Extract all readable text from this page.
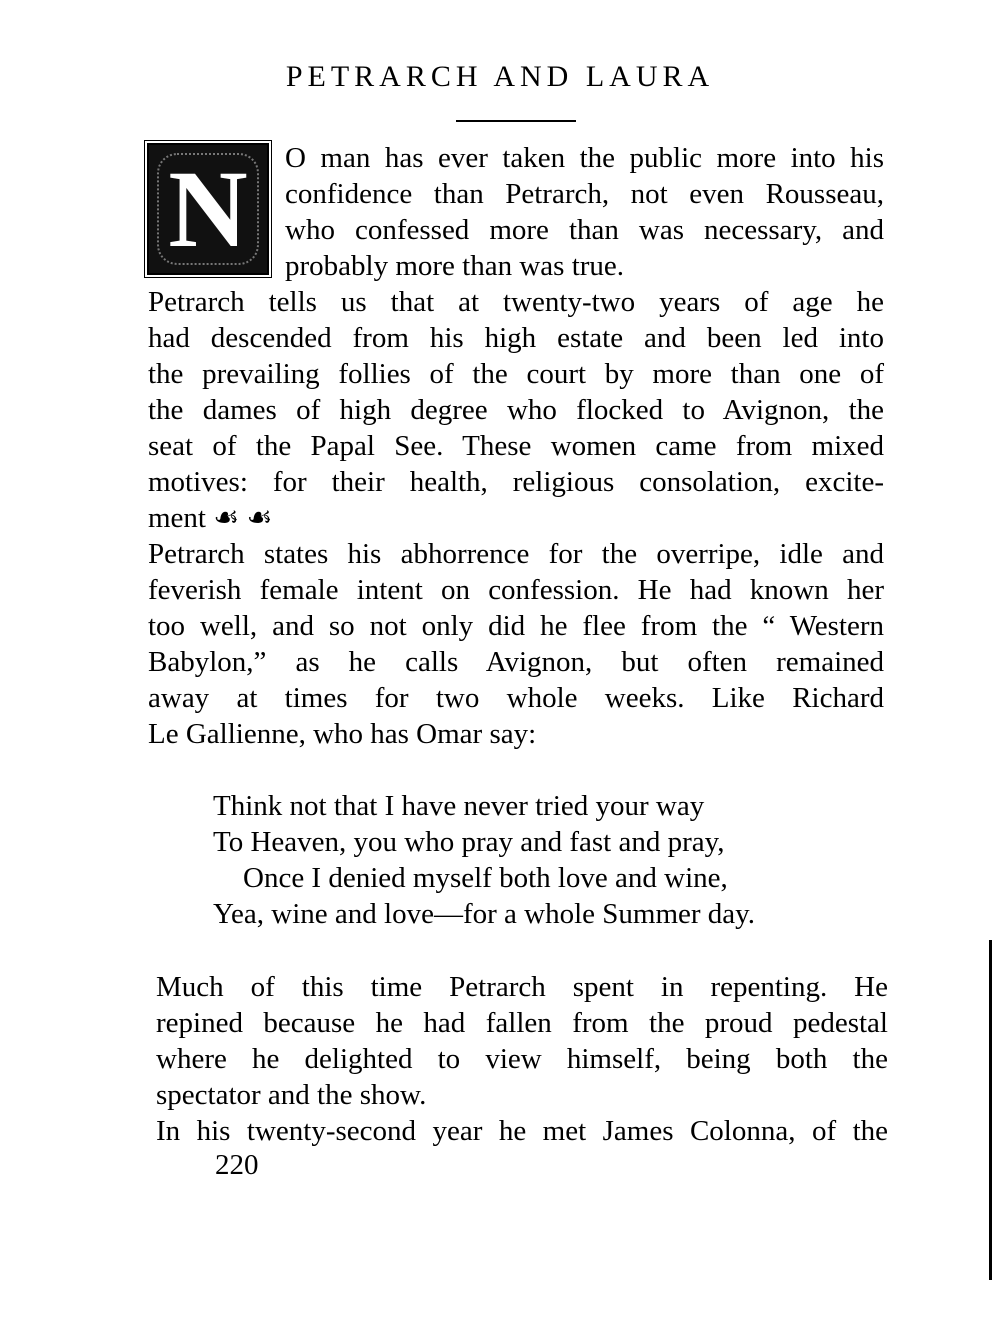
PETRARCH AND LAURA
N O man has ever taken the public more into his
confidence than Petrarch, not even Rousseau,
who confessed more than was necessary, and
probably more than was true.
Petrarch tells us that at twenty-two years of age he
had descended from his high estate and been led into
the prevailing follies of the court by more than one of
the dames of high degree who flocked to Avignon, the
seat of the Papal See. These women came from mixed
motives: for their health, religious consolation, excite-
ment ☙ ☙
Petrarch states his abhorrence for the overripe, idle and
feverish female intent on confession. He had known her
too well, and so not only did he flee from the “ Western
Babylon,” as he calls Avignon, but often remained
away at times for two whole weeks. Like Richard
Le Gallienne, who has Omar say:
Think not that I have never tried your way
To Heaven, you who pray and fast and pray,
Once I denied myself both love and wine,
Yea, wine and love—for a whole Summer day.
Much of this time Petrarch spent in repenting. He
repined because he had fallen from the proud pedestal
where he delighted to view himself, being both the
spectator and the show.
In his twenty-second year he met James Colonna, of the
220
